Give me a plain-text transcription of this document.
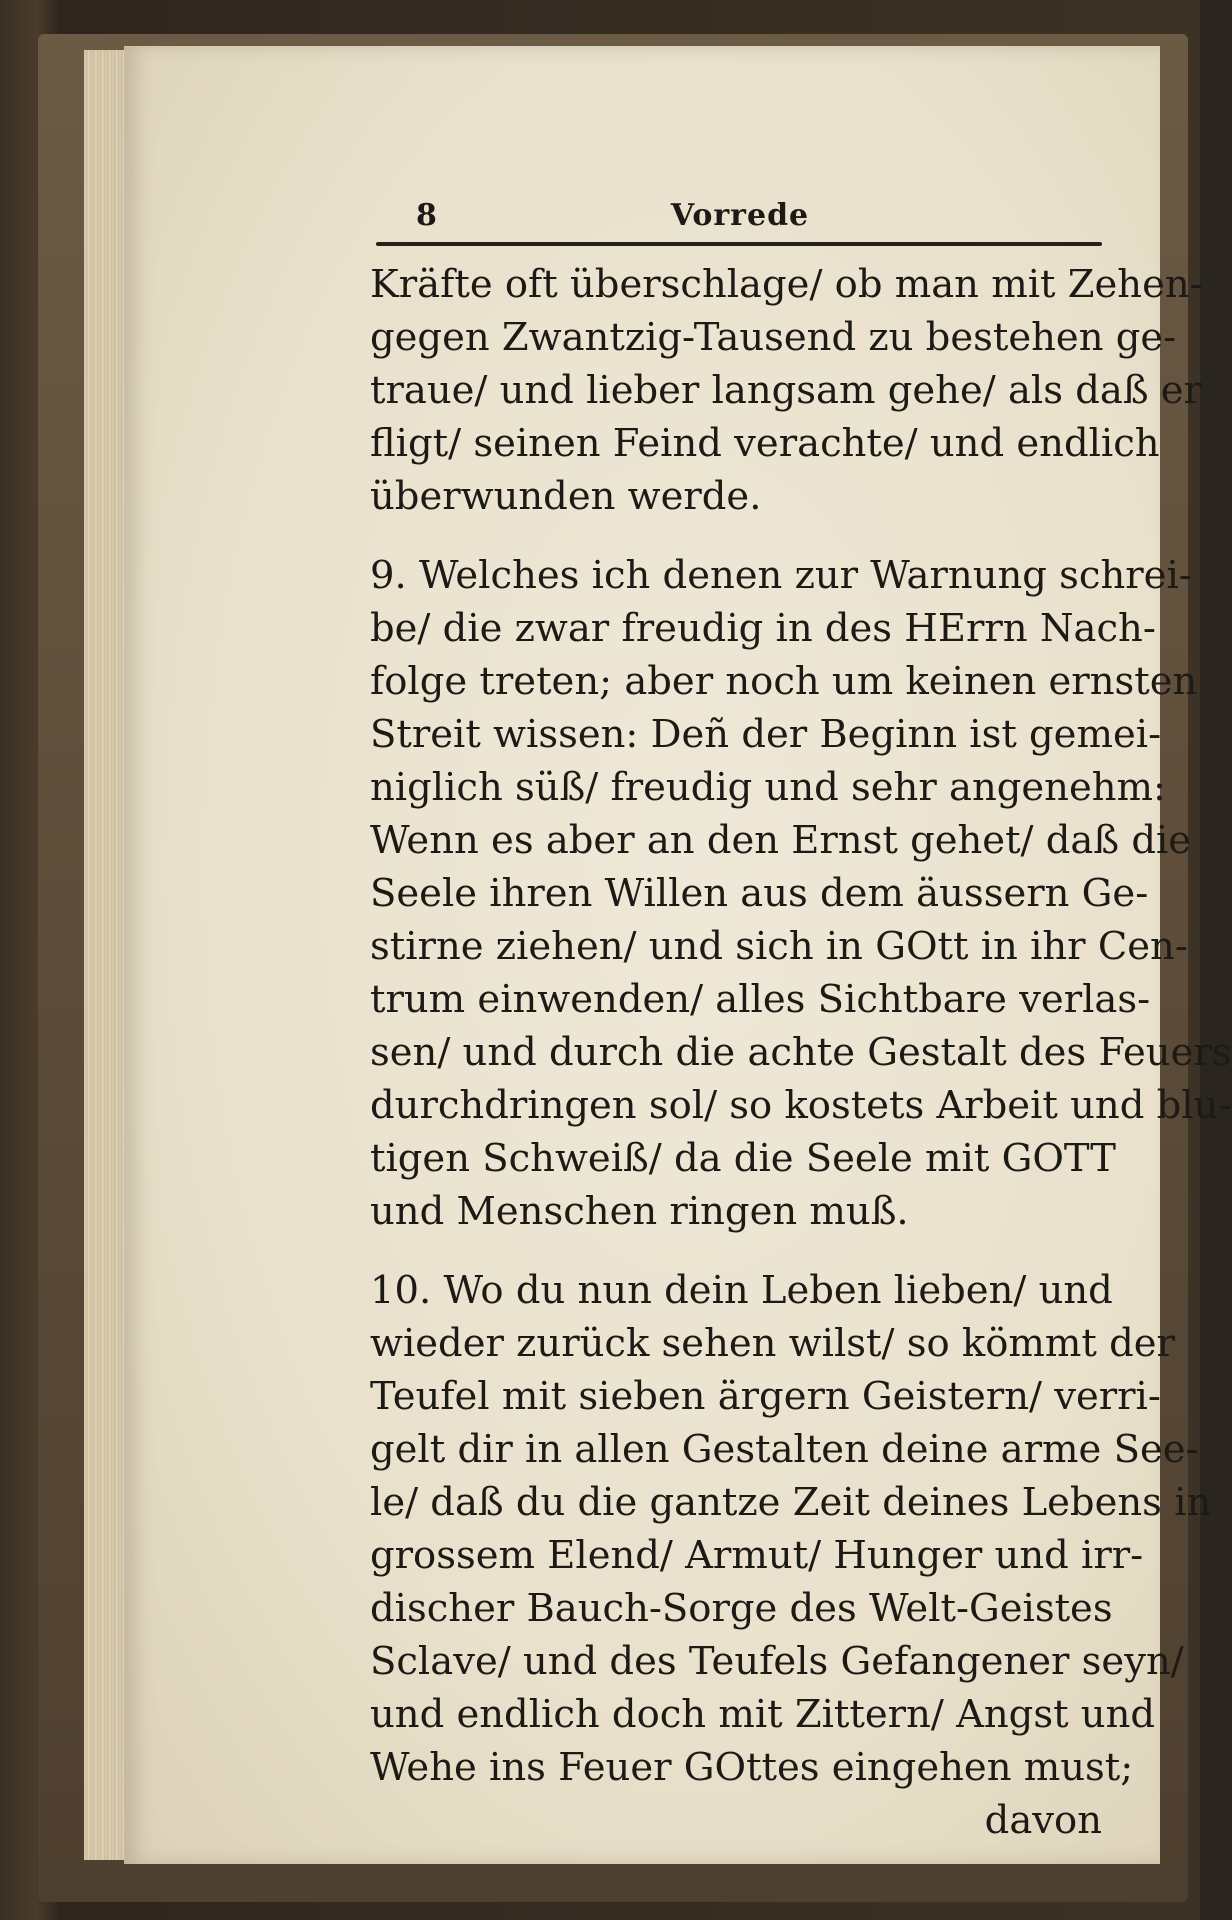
8	Vorrede

Kräfte oft überschlage/ ob man mit Zehen-
gegen Zwantzig-Tausend zu bestehen ge-
traue/ und lieber langsam gehe/ als daß er
fligt/ seinen Feind verachte/ und endlich
überwunden werde.

9. Welches ich denen zur Warnung schrei-
be/ die zwar freudig in des HErrn Nach-
folge treten; aber noch um keinen ernsten
Streit wissen: Deñ der Beginn ist gemei-
niglich süß/ freudig und sehr angenehm:
Wenn es aber an den Ernst gehet/ daß die
Seele ihren Willen aus dem äussern Ge-
stirne ziehen/ und sich in GOtt in ihr Cen-
trum einwenden/ alles Sichtbare verlas-
sen/ und durch die achte Gestalt des Feuers
durchdringen sol/ so kostets Arbeit und blu-
tigen Schweiß/ da die Seele mit GOTT
und Menschen ringen muß.

10. Wo du nun dein Leben lieben/ und
wieder zurück sehen wilst/ so kömmt der
Teufel mit sieben ärgern Geistern/ verri-
gelt dir in allen Gestalten deine arme See-
le/ daß du die gantze Zeit deines Lebens in
grossem Elend/ Armut/ Hunger und irr-
discher Bauch-Sorge des Welt-Geistes
Sclave/ und des Teufels Gefangener seyn/
und endlich doch mit Zittern/ Angst und
Wehe ins Feuer GOttes eingehen must;

davon
